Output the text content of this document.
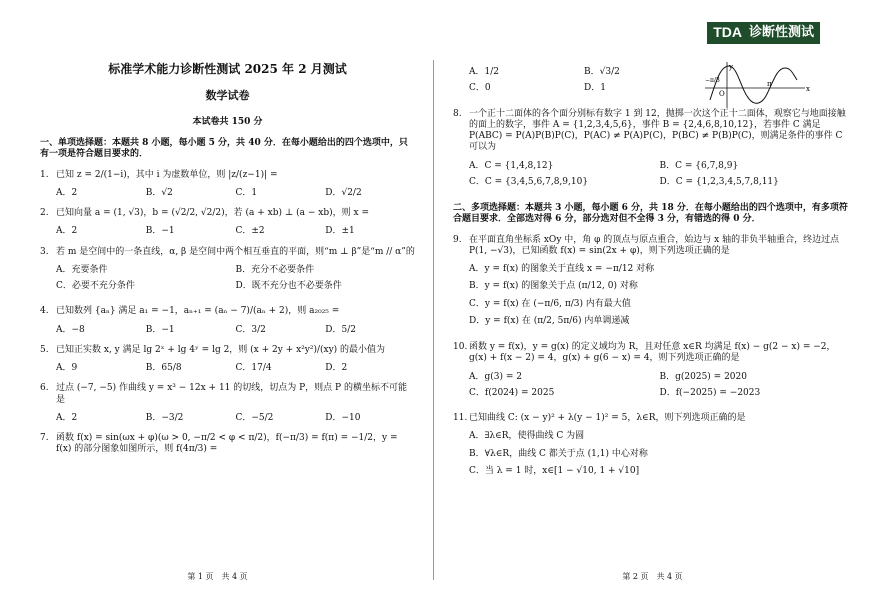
TDA 诊断性测试
标准学术能力诊断性测试 2025 年 2 月测试
数学试卷
本试卷共 150 分
一、单项选择题：本题共 8 小题，每小题 5 分，共 40 分．在每小题给出的四个选项中，只有一项是符合题目要求的．
1. 已知 z = 2/(1−i)，其中 i 为虚数单位，则 |z/(z−1)| =
A．2	B．√2	C．1	D．√2/2
2. 已知向量 a = (1, √3)，b = (√2/2, √2/2)，若 (a + xb) ⊥ (a − xb)，则 x =
A．2	B．−1	C．±2	D．±1
3. 若 m 是空间中的一条直线，α, β 是空间中两个相互垂直的平面，则“m ⊥ β”是“m // α”的
A．充要条件	B．充分不必要条件
C．必要不充分条件	D．既不充分也不必要条件
4. 已知数列 {aₙ} 满足 a₁ = −1，aₙ₊₁ = (aₙ − 7)/(aₙ + 2)，则 a₂₀₂₅ =
A．−8	B．−1	C．3/2	D．5/2
5. 已知正实数 x, y 满足 lg 2ˣ + lg 4ʸ = lg 2，则 (x + 2y + x²y²)/(xy) 的最小值为
A．9	B．65/8	C．17/4	D．2
6. 过点 (−7, −5) 作曲线 y = x³ − 12x + 11 的切线，切点为 P，则点 P 的横坐标不可能是
A．2	B．−3/2	C．−5/2	D．−10
7. 函数 f(x) = sin(ωx + φ)(ω > 0, −π/2 < φ < π/2)，f(−π/3) = f(π) = −1/2，y = f(x) 的部分图象如图所示，则 f(4π/3) =
第 1 页　共 4 页
A．1/2	B．√3/2
C．0	D．1
y
x
O
π
−π/3
8. 一个正十二面体的各个面分别标有数字 1 到 12，抛掷一次这个正十二面体，观察它与地面接触的面上的数字，事件 A = {1,2,3,4,5,6}，事件 B = {2,4,6,8,10,12}，若事件 C 满足 P(ABC) = P(A)P(B)P(C)，P(AC) ≠ P(A)P(C)，P(BC) ≠ P(B)P(C)，则满足条件的事件 C 可以为
A．C = {1,4,8,12}	B．C = {6,7,8,9}
C．C = {3,4,5,6,7,8,9,10}	D．C = {1,2,3,4,5,7,8,11}
二、多项选择题：本题共 3 小题，每小题 6 分，共 18 分．在每小题给出的四个选项中，有多项符合题目要求．全部选对得 6 分，部分选对但不全得 3 分，有错选的得 0 分．
9. 在平面直角坐标系 xOy 中，角 φ 的顶点与原点重合，始边与 x 轴的非负半轴重合，终边过点 P(1, −√3)，已知函数 f(x) = sin(2x + φ)，则下列选项正确的是
A．y = f(x) 的图象关于直线 x = −π/12 对称
B．y = f(x) 的图象关于点 (π/12, 0) 对称
C．y = f(x) 在 (−π/6, π/3) 内有最大值
D．y = f(x) 在 (π/2, 5π/6) 内单调递减
10. 函数 y = f(x)，y = g(x) 的定义域均为 R，且对任意 x∈R 均满足 f(x) − g(2 − x) = −2，g(x) + f(x − 2) = 4，g(x) + g(6 − x) = 4，则下列选项正确的是
A．g(3) = 2	B．g(2025) = 2020
C．f(2024) = 2025	D．f(−2025) = −2023
11. 已知曲线 C: (x − y)² + λ(y − 1)² = 5，λ∈R，则下列选项正确的是
A．∃λ∈R，使得曲线 C 为圆
B．∀λ∈R，曲线 C 都关于点 (1,1) 中心对称
C．当 λ = 1 时，x∈[1 − √10, 1 + √10]
第 2 页　共 4 页
